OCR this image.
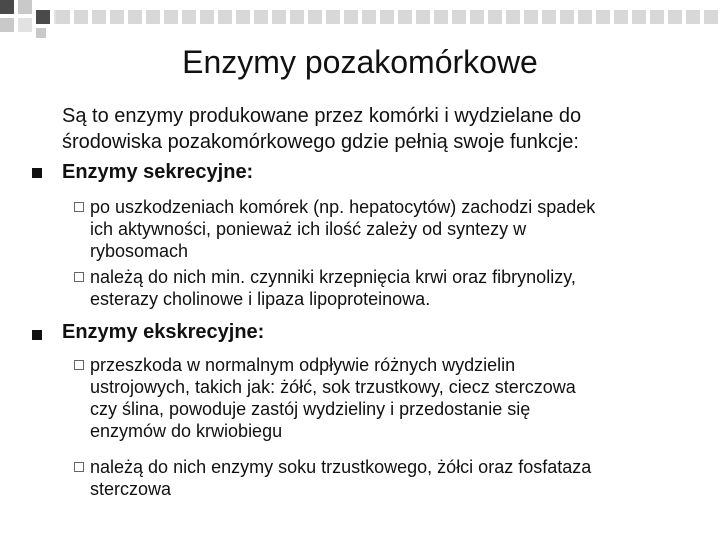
Enzymy pozakomórkowe
Są to enzymy produkowane przez komórki i wydzielane do
środowiska pozakomórkowego gdzie pełnią swoje funkcje:
Enzymy sekrecyjne:
po uszkodzeniach komórek (np. hepatocytów) zachodzi spadek
ich aktywności, ponieważ ich ilość zależy od syntezy w
rybosomach
należą do nich min. czynniki krzepnięcia krwi oraz fibrynolizy,
esterazy cholinowe i lipaza lipoproteinowa.
Enzymy ekskrecyjne:
przeszkoda w normalnym odpływie różnych wydzielin
ustrojowych, takich jak: żółć, sok trzustkowy, ciecz sterczowa
czy ślina, powoduje zastój wydzieliny i przedostanie się
enzymów do krwiobiegu
należą do nich enzymy soku trzustkowego, żółci oraz fosfataza
sterczowa
